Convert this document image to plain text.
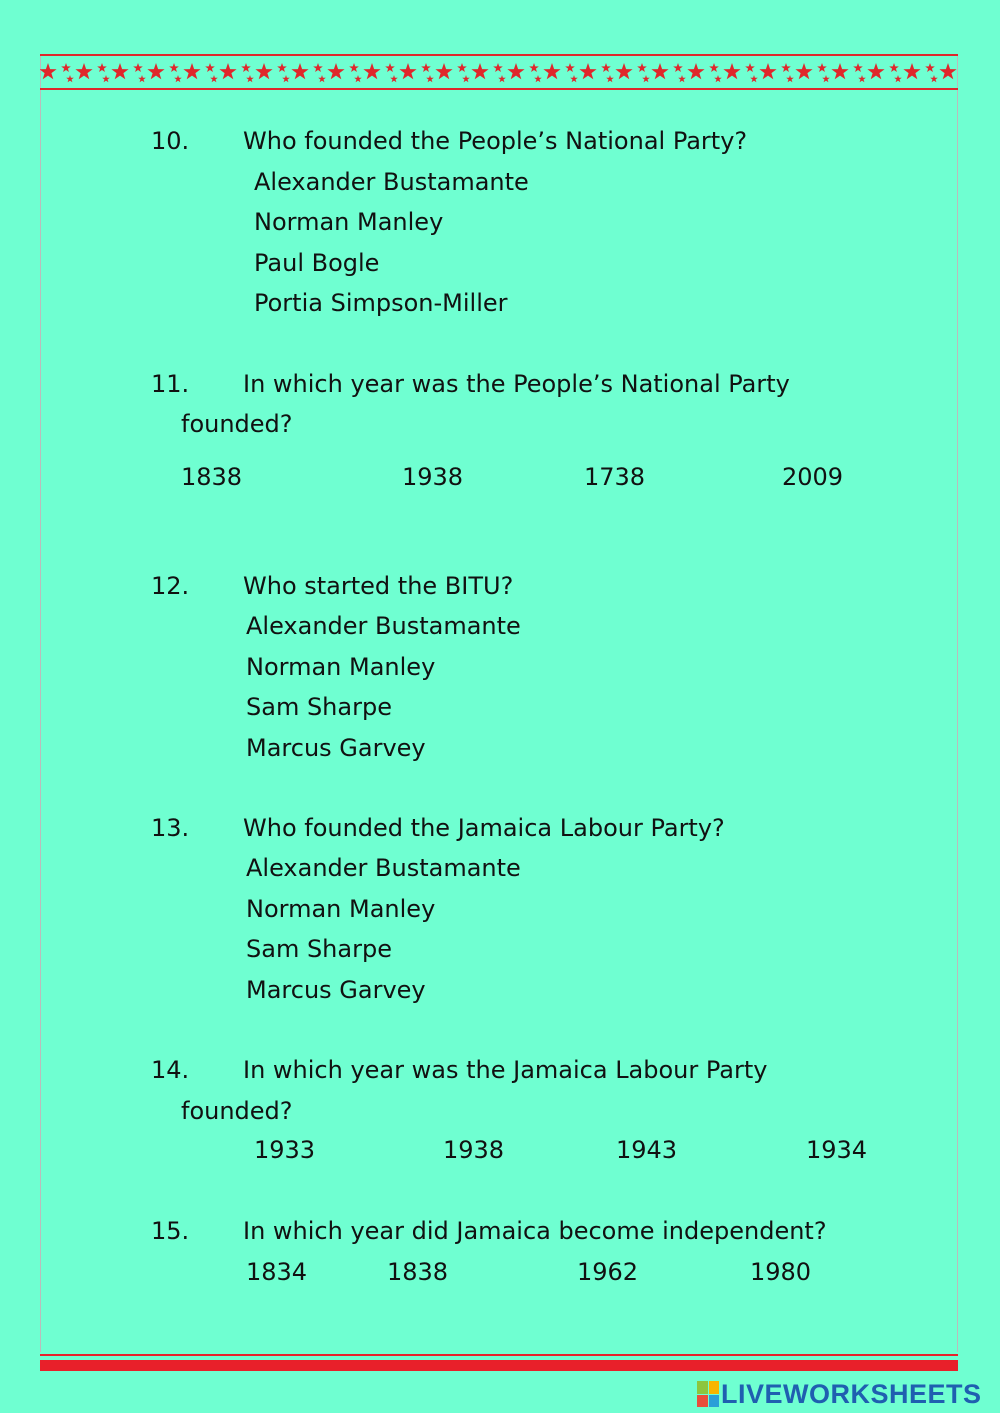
10. Who founded the People’s National Party?
Alexander Bustamante
Norman Manley
Paul Bogle
Portia Simpson-Miller
11. In which year was the People’s National Party
founded?
1838	1938	1738	2009
12. Who started the BITU?
Alexander Bustamante
Norman Manley
Sam Sharpe
Marcus Garvey
13. Who founded the Jamaica Labour Party?
Alexander Bustamante
Norman Manley
Sam Sharpe
Marcus Garvey
14. In which year was the Jamaica Labour Party
founded?
1933	1938	1943	1934
15. In which year did Jamaica become independent?
1834	1838	1962	1980
LIVEWORKSHEETS
